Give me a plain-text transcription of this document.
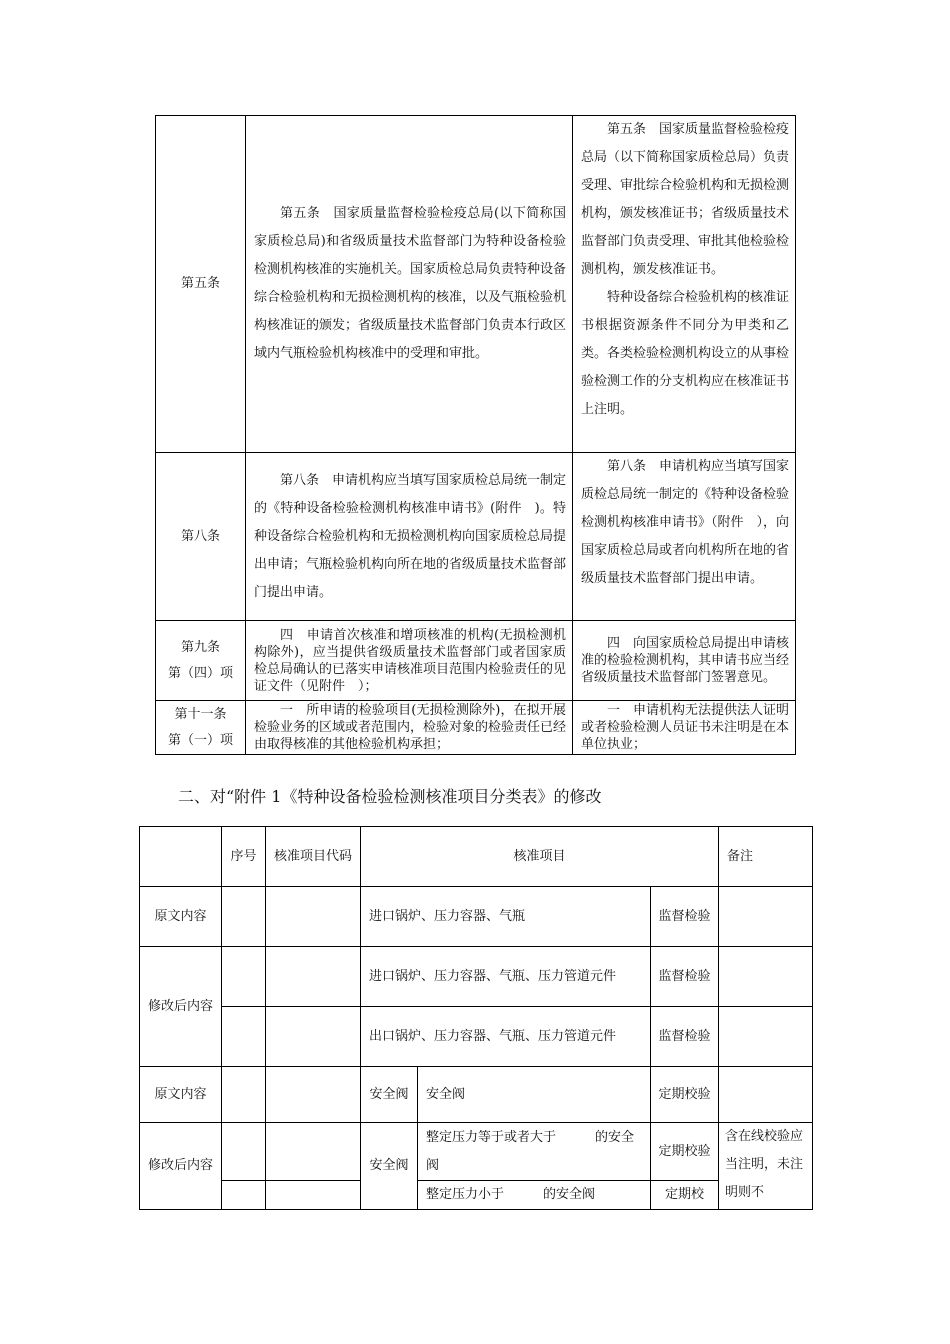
第五条	第五条　国家质量监督检验检疫总局(以下简称国家质检总局)和省级质量技术监督部门为特种设备检验检测机构核准的实施机关。国家质检总局负责特种设备综合检验机构和无损检测机构的核准，以及气瓶检验机构核准证的颁发；省级质量技术监督部门负责本行政区域内气瓶检验机构核准中的受理和审批。	第五条　国家质量监督检验检疫总局（以下简称国家质检总局）负责受理、审批综合检验机构和无损检测机构，颁发核准证书；省级质量技术监督部门负责受理、审批其他检验检测机构，颁发核准证书。

特种设备综合检验机构的核准证书根据资源条件不同分为甲类和乙类。各类检验检测机构设立的从事检验检测工作的分支机构应在核准证书上注明。

第八条	第八条　申请机构应当填写国家质检总局统一制定的《特种设备检验检测机构核准申请书》(附件　)。特种设备综合检验机构和无损检测机构向国家质检总局提出申请；气瓶检验机构向所在地的省级质量技术监督部门提出申请。	第八条　申请机构应当填写国家质检总局统一制定的《特种设备检验检测机构核准申请书》（附件　），向国家质检总局或者向机构所在地的省级质量技术监督部门提出申请。

第九条
第（四）项	四　申请首次核准和增项核准的机构(无损检测机构除外)，应当提供省级质量技术监督部门或者国家质检总局确认的已落实申请核准项目范围内检验责任的见证文件（见附件　）；	四　向国家质检总局提出申请核准的检验检测机构，其申请书应当经省级质量技术监督部门签署意见。

第十一条
第（一）项	一　所申请的检验项目(无损检测除外)，在拟开展检验业务的区域或者范围内，检验对象的检验责任已经由取得核准的其他检验机构承担；	一　申请机构无法提供法人证明或者检验检测人员证书未注明是在本单位执业；
二、对“附件 1《特种设备检验检测核准项目分类表》的修改
	序号	核准项目代码	核准项目			备注
原文内容			进口锅炉、压力容器、气瓶		监督检验	
修改后内容			进口锅炉、压力容器、气瓶、压力管道元件		监督检验	
			出口锅炉、压力容器、气瓶、压力管道元件		监督检验	
原文内容			安全阀	安全阀	定期校验	
修改后内容			安全阀	整定压力等于或者大于　　　的安全阀	定期校验	含在线校验应当注明，未注明则不
				整定压力小于　　　的安全阀	定期校	
